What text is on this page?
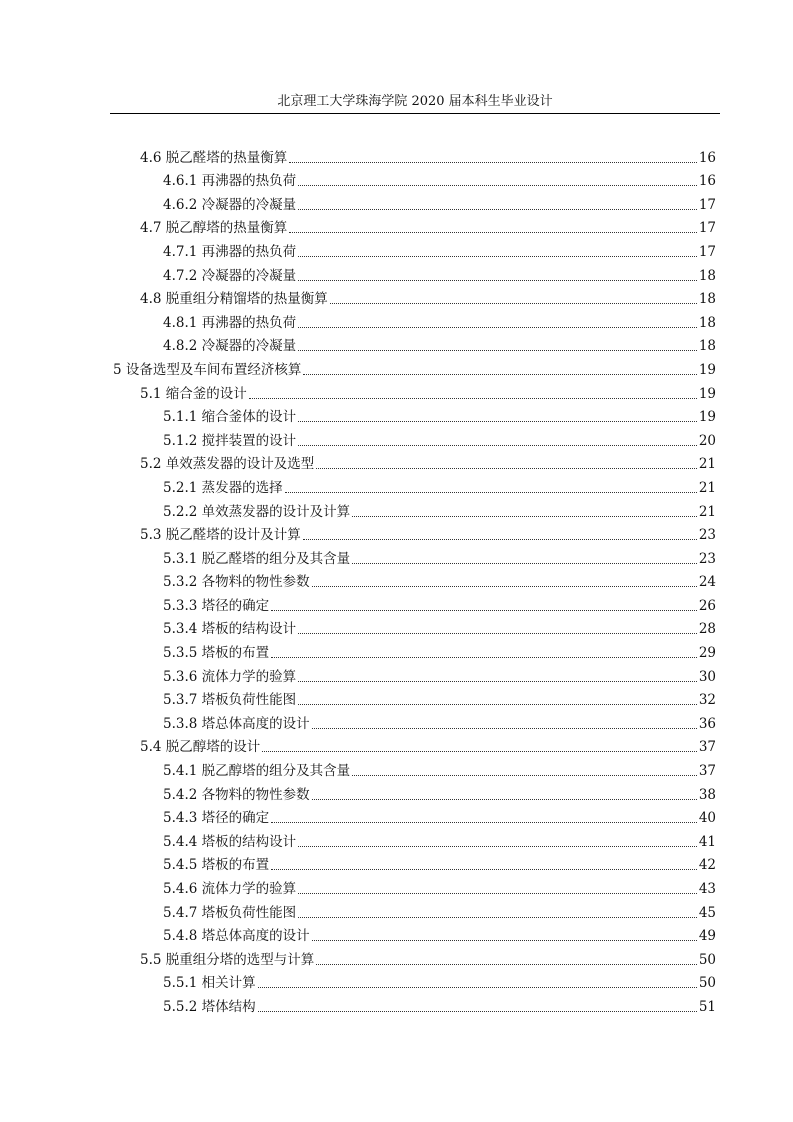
北京理工大学珠海学院 2020 届本科生毕业设计
4.6 脱乙醛塔的热量衡算	16
4.6.1 再沸器的热负荷	16
4.6.2 冷凝器的冷凝量	17
4.7 脱乙醇塔的热量衡算	17
4.7.1 再沸器的热负荷	17
4.7.2 冷凝器的冷凝量	18
4.8 脱重组分精馏塔的热量衡算	18
4.8.1 再沸器的热负荷	18
4.8.2 冷凝器的冷凝量	18
5 设备选型及车间布置经济核算	19
5.1 缩合釜的设计	19
5.1.1 缩合釜体的设计	19
5.1.2 搅拌装置的设计	20
5.2 单效蒸发器的设计及选型	21
5.2.1 蒸发器的选择	21
5.2.2 单效蒸发器的设计及计算	21
5.3 脱乙醛塔的设计及计算	23
5.3.1 脱乙醛塔的组分及其含量	23
5.3.2 各物料的物性参数	24
5.3.3 塔径的确定	26
5.3.4 塔板的结构设计	28
5.3.5 塔板的布置	29
5.3.6 流体力学的验算	30
5.3.7 塔板负荷性能图	32
5.3.8 塔总体高度的设计	36
5.4 脱乙醇塔的设计	37
5.4.1 脱乙醇塔的组分及其含量	37
5.4.2 各物料的物性参数	38
5.4.3 塔径的确定	40
5.4.4 塔板的结构设计	41
5.4.5 塔板的布置	42
5.4.6 流体力学的验算	43
5.4.7 塔板负荷性能图	45
5.4.8 塔总体高度的设计	49
5.5 脱重组分塔的选型与计算	50
5.5.1 相关计算	50
5.5.2 塔体结构	51
